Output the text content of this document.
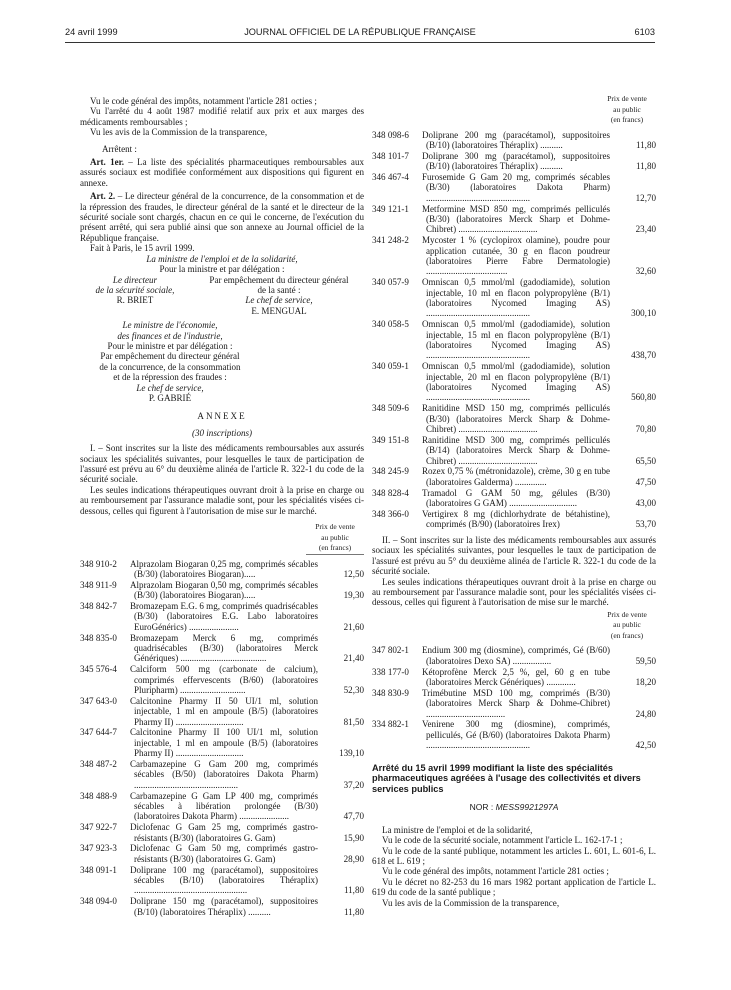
24 avril 1999	JOURNAL OFFICIEL DE LA RÉPUBLIQUE FRANÇAISE	6103

Vu le code général des impôts, notamment l'article 281 octies ;

Vu l'arrêté du 4 août 1987 modifié relatif aux prix et aux marges des médicaments remboursables ;

Vu les avis de la Commission de la transparence,

Arrêtent :

Art. 1er. – La liste des spécialités pharmaceutiques remboursables aux assurés sociaux est modifiée conformément aux dispositions qui figurent en annexe.

Art. 2. – Le directeur général de la concurrence, de la consommation et de la répression des fraudes, le directeur général de la santé et le directeur de la sécurité sociale sont chargés, chacun en ce qui le concerne, de l'exécution du présent arrêté, qui sera publié ainsi que son annexe au Journal officiel de la République française.

Fait à Paris, le 15 avril 1999.

La ministre de l'emploi et de la solidarité,

Pour la ministre et par délégation :

Le directeur

de la sécurité sociale,

R. BRIET

Par empêchement du directeur général

de la santé :

Le chef de service,

E. MENGUAL

Le ministre de l'économie,

des finances et de l'industrie,

Pour le ministre et par délégation :

Par empêchement du directeur général

de la concurrence, de la consommation

et de la répression des fraudes :

Le chef de service,

P. GABRIÉ

ANNEXE

(30 inscriptions)

I. – Sont inscrites sur la liste des médicaments remboursables aux assurés sociaux les spécialités suivantes, pour lesquelles le taux de participation de l'assuré est prévu au 6° du deuxième alinéa de l'article R. 322-1 du code de la sécurité sociale.

Les seules indications thérapeutiques ouvrant droit à la prise en charge ou au remboursement par l'assurance maladie sont, pour les spécialités visées ci-dessous, celles qui figurent à l'autorisation de mise sur le marché.

Prix de vente
au public
(en francs)
348 910-2	Alprazolam Biogaran 0,25 mg, comprimés sécables (B/30) (laboratoires Biogaran).....	12,50
348 911-9	Alprazolam Biogaran 0,50 mg, comprimés sécables (B/30) (laboratoires Biogaran).....	19,30
348 842-7	Bromazepam E.G. 6 mg, comprimés quadrisécables (B/30) (laboratoires E.G. Labo laboratoires EuroGénérics) ......................	21,60
348 835-0	Bromazepam Merck 6 mg, comprimés quadrisécables (B/30) (laboratoires Merck Génériques) ......................................	21,40
345 576-4	Calciform 500 mg (carbonate de calcium), comprimés effervescents (B/60) (laboratoires Pluripharm) .............................	52,30
347 643-0	Calcitonine Pharmy II 50 UI/1 ml, solution injectable, 1 ml en ampoule (B/5) (laboratoires Pharmy II) ..............................	81,50
347 644-7	Calcitonine Pharmy II 100 UI/1 ml, solution injectable, 1 ml en ampoule (B/5) (laboratoires Pharmy II) ..............................	139,10
348 487-2	Carbamazepine G Gam 200 mg, comprimés sécables (B/50) (laboratoires Dakota Pharm) ..............................................	37,20
348 488-9	Carbamazepine G Gam LP 400 mg, comprimés sécables à libération prolongée (B/30) (laboratoires Dakota Pharm) ......................	47,70
347 922-7	Diclofenac G Gam 25 mg, comprimés gastro-résistants (B/30) (laboratoires G. Gam)	15,90
347 923-3	Diclofenac G Gam 50 mg, comprimés gastro-résistants (B/30) (laboratoires G. Gam)	28,90
348 091-1	Doliprane 100 mg (paracétamol), suppositoires sécables (B/10) (laboratoires Théraplix) ..................................................	11,80
348 094-0	Doliprane 150 mg (paracétamol), suppositoires (B/10) (laboratoires Théraplix) ..........	11,80
Prix de vente
au public
(en francs)
348 098-6	Doliprane 200 mg (paracétamol), suppositoires (B/10) (laboratoires Théraplix) ..........	11,80
348 101-7	Doliprane 300 mg (paracétamol), suppositoires (B/10) (laboratoires Théraplix) ..........	11,80
346 467-4	Furosemide G Gam 20 mg, comprimés sécables (B/30) (laboratoires Dakota Pharm) ..............................................	12,70
349 121-1	Metformine MSD 850 mg, comprimés pelliculés (B/30) (laboratoires Merck Sharp et Dohme-Chibret) ...................................	23,40
341 248-2	Mycoster 1 % (cyclopirox olamine), poudre pour application cutanée, 30 g en flacon poudreur (laboratoires Pierre Fabre Dermatologie) ....................................	32,60
340 057-9	Omniscan 0,5 mmol/ml (gadodiamide), solution injectable, 10 ml en flacon polypropylène (B/1) (laboratoires Nycomed Imaging AS) ..............................................	300,10
340 058-5	Omniscan 0,5 mmol/ml (gadodiamide), solution injectable, 15 ml en flacon polypropylène (B/1) (laboratoires Nycomed Imaging AS) ..............................................	438,70
340 059-1	Omniscan 0,5 mmol/ml (gadodiamide), solution injectable, 20 ml en flacon polypropylène (B/1) (laboratoires Nycomed Imaging AS) ..............................................	560,80
348 509-6	Ranitidine MSD 150 mg, comprimés pelliculés (B/30) (laboratoires Merck Sharp & Dohme-Chibret) ...................................	70,80
349 151-8	Ranitidine MSD 300 mg, comprimés pelliculés (B/14) (laboratoires Merck Sharp & Dohme-Chibret) ...................................	65,50
348 245-9	Rozex 0,75 % (métronidazole), crème, 30 g en tube (laboratoires Galderma) ..............	47,50
348 828-4	Tramadol G GAM 50 mg, gélules (B/30) (laboratoires G GAM) ..............................	43,00
348 366-0	Vertigirex 8 mg (dichlorhydrate de bétahistine), comprimés (B/90) (laboratoires Irex)	53,70

II. – Sont inscrites sur la liste des médicaments remboursables aux assurés sociaux les spécialités suivantes, pour lesquelles le taux de participation de l'assuré est prévu au 5° du deuxième alinéa de l'article R. 322-1 du code de la sécurité sociale.

Les seules indications thérapeutiques ouvrant droit à la prise en charge ou au remboursement par l'assurance maladie sont, pour les spécialités visées ci-dessous, celles qui figurent à l'autorisation de mise sur le marché.

Prix de vente
au public
(en francs)
347 802-1	Endium 300 mg (diosmine), comprimés, Gé (B/60) (laboratoires Dexo SA) .................	59,50
338 177-0	Kétoprofène Merck 2,5 %, gel, 60 g en tube (laboratoires Merck Génériques) .............	18,20
348 830-9	Trimébutine MSD 100 mg, comprimés (B/30) (laboratoires Merck Sharp & Dohme-Chibret) ...................................	24,80
334 882-1	Venirene 300 mg (diosmine), comprimés, pelliculés, Gé (B/60) (laboratoires Dakota Pharm) ..............................................	42,50

Arrêté du 15 avril 1999 modifiant la liste des spécialités pharmaceutiques agréées à l'usage des collectivités et divers services publics

NOR : MESS9921297A

La ministre de l'emploi et de la solidarité,

Vu le code de la sécurité sociale, notamment l'article L. 162-17-1 ;

Vu le code de la santé publique, notamment les articles L. 601, L. 601-6, L. 618 et L. 619 ;

Vu le code général des impôts, notamment l'article 281 octies ;

Vu le décret no 82-253 du 16 mars 1982 portant application de l'article L. 619 du code de la santé publique ;

Vu les avis de la Commission de la transparence,
